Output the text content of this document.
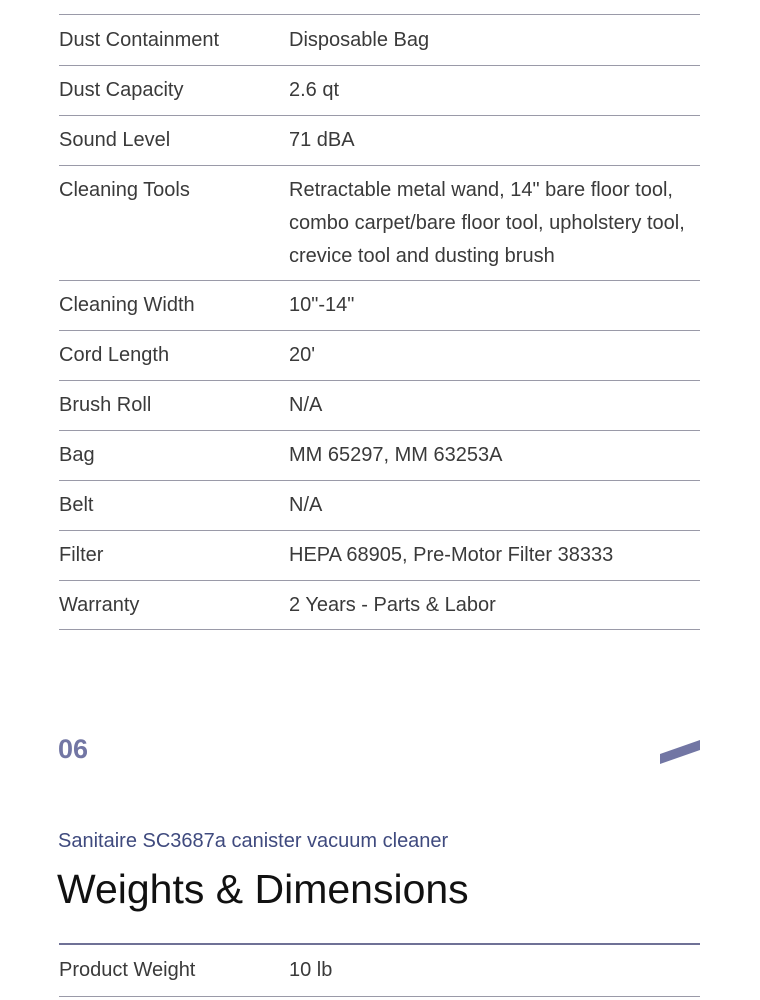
Dust Containment	Disposable Bag
Dust Capacity	2.6 qt
Sound Level	71 dBA
Cleaning Tools	Retractable metal wand, 14" bare floor tool, combo carpet/bare floor tool, upholstery tool, crevice tool and dusting brush
Cleaning Width	10"-14"
Cord Length	20'
Brush Roll	N/A
Bag	MM 65297, MM 63253A
Belt	N/A
Filter	HEPA 68905, Pre-Motor Filter 38333
Warranty	2 Years - Parts & Labor
06
Sanitaire SC3687a canister vacuum cleaner
Weights & Dimensions
Product Weight	10 lb
